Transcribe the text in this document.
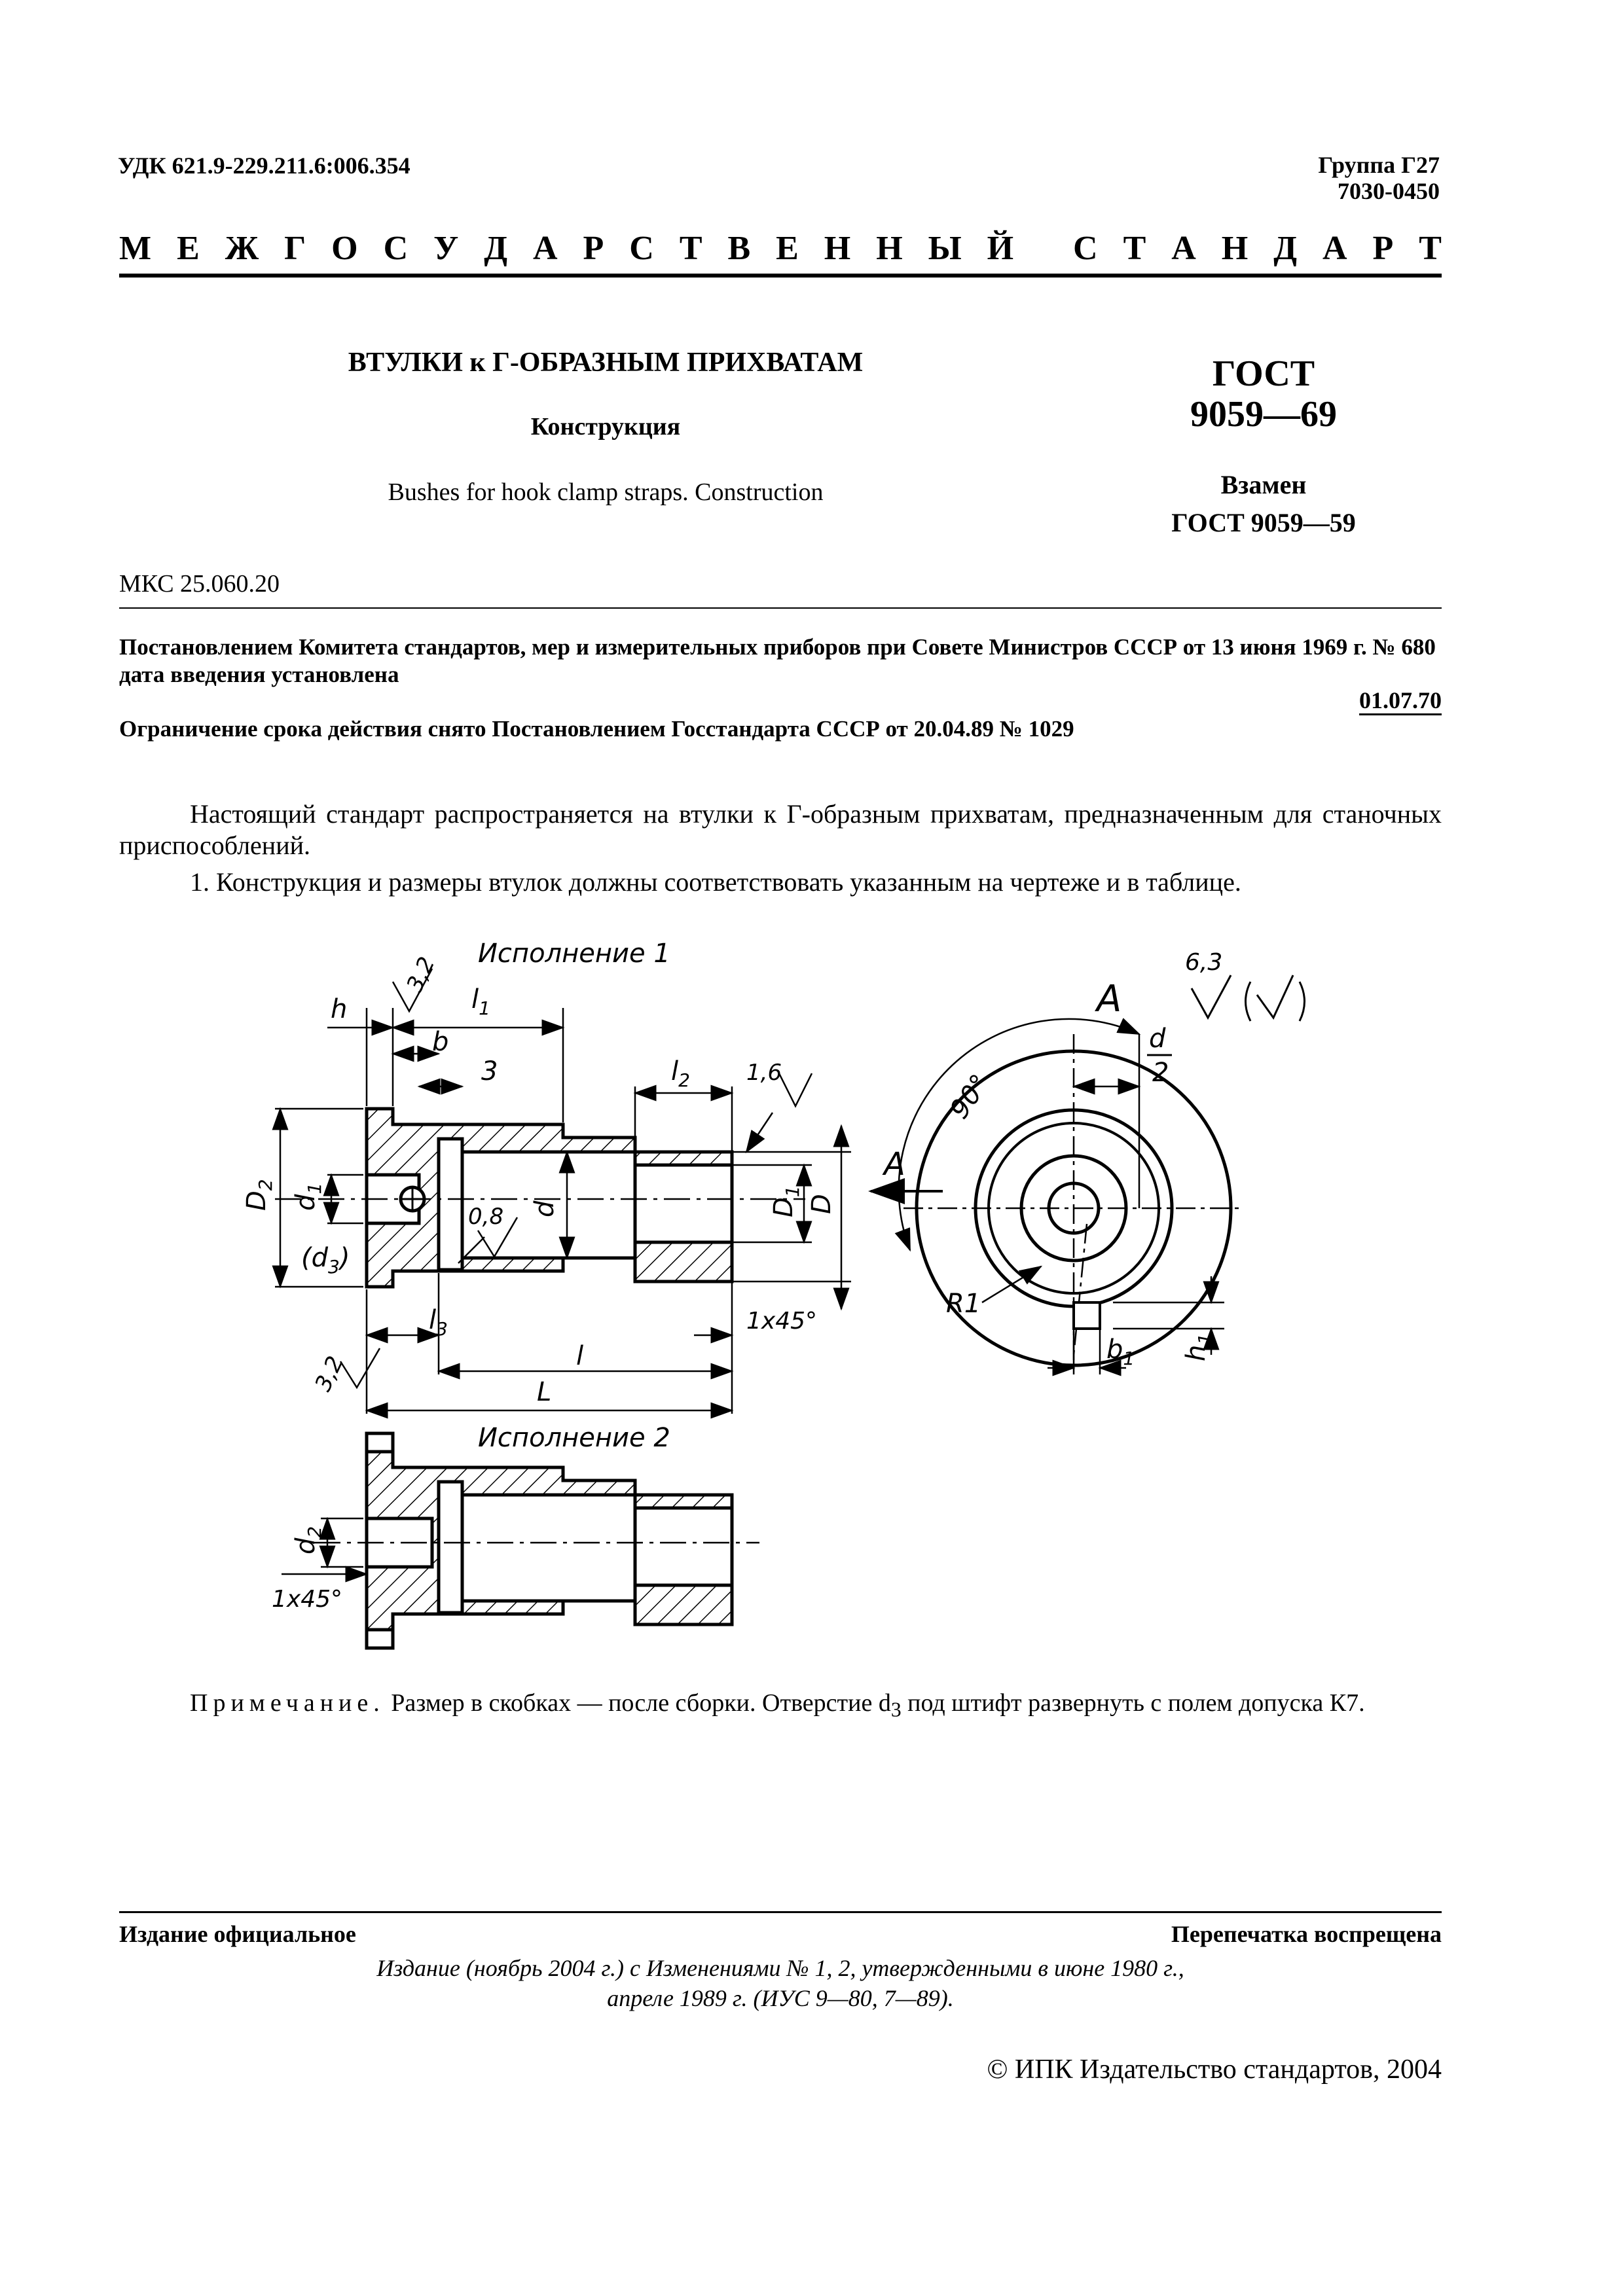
УДК 621.9-229.211.6:006.354	Группа Г27
7030-0450
М Е Ж Г О С У Д А Р С Т В Е Н Н Ы Й
С Т А Н Д А Р Т
ВТУЛКИ к Г-ОБРАЗНЫМ ПРИХВАТАМ
Конструкция
Bushes for hook clamp straps. Construction
ГОСТ
9059—69
Взамен
ГОСТ 9059—59
МКС 25.060.20
Постановлением Комитета стандартов, мер и измерительных приборов при Совете Министров СССР от 13 июня 1969 г. № 680 дата введения установлена
01.07.70
Ограничение срока действия снято Постановлением Госстандарта СССР от 20.04.89 № 1029
Настоящий стандарт распространяется на втулки к Г-образным прихватам, предназначенным для станочных приспособлений.
1. Конструкция и размеры втулок должны соответствовать указанным на чертеже и в таблице.
Исполнение 1
Исполнение 2
A
A
6,3
h
b
$l_1$
$l_2$
$l_3$
3
3,2
3,2
1,6
0,8
$D_2$
$d_1$
$(d_3)$
d	$D_1$
D
L
l
1x45°
1x45°
$d_2$
90°
d
2
R1
$b_1$ $h_1$
Примечание. Размер в скобках — после сборки. Отверстие $d_3$ под штифт развернуть с полем допуска К7.
Издание официальное	Перепечатка воспрещена
Издание (ноябрь 2004 г.) с Изменениями № 1, 2, утвержденными в июне 1980 г.,
апреле 1989 г. (ИУС 9—80, 7—89).
© ИПК Издательство стандартов, 2004
